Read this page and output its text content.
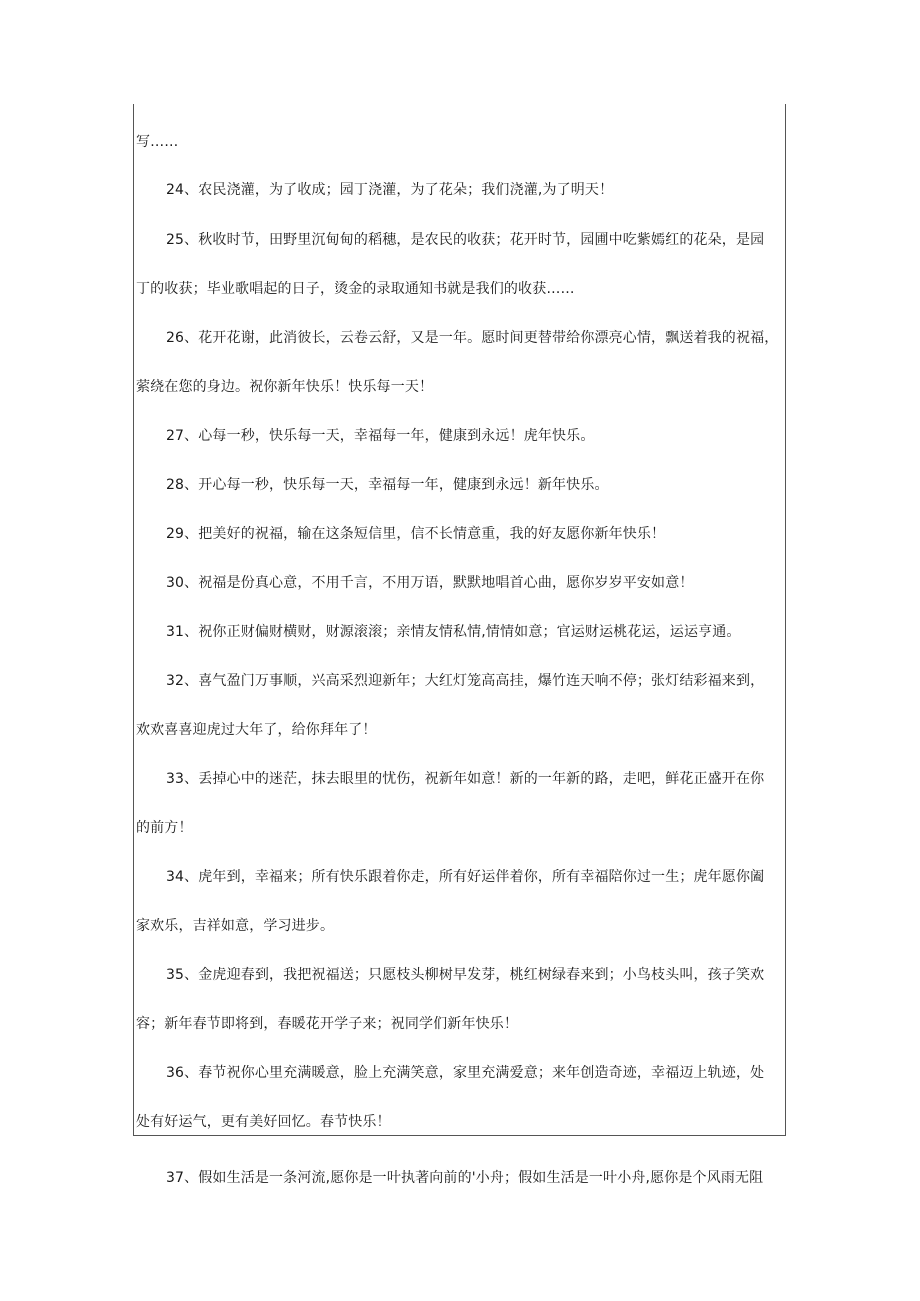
写……
24、农民浇灌，为了收成；园丁浇灌，为了花朵；我们浇灌,为了明天！
25、秋收时节，田野里沉甸甸的稻穗，是农民的收获；花开时节，园圃中吃紫嫣红的花朵，是园
丁的收获；毕业歌唱起的日子，烫金的录取通知书就是我们的收获……
26、花开花谢，此消彼长，云卷云舒，又是一年。愿时间更替带给你漂亮心情，飘送着我的祝福，
萦绕在您的身边。祝你新年快乐！快乐每一天！
27、心每一秒，快乐每一天，幸福每一年，健康到永远！虎年快乐。
28、开心每一秒，快乐每一天，幸福每一年，健康到永远！新年快乐。
29、把美好的祝福，输在这条短信里，信不长情意重，我的好友愿你新年快乐！
30、祝福是份真心意，不用千言，不用万语，默默地唱首心曲，愿你岁岁平安如意！
31、祝你正财偏财横财，财源滚滚；亲情友情私情,情情如意；官运财运桃花运，运运亨通。
32、喜气盈门万事顺，兴高采烈迎新年；大红灯笼高高挂，爆竹连天响不停；张灯结彩福来到，
欢欢喜喜迎虎过大年了，给你拜年了！
33、丢掉心中的迷茫，抹去眼里的忧伤，祝新年如意！新的一年新的路，走吧，鲜花正盛开在你
的前方！
34、虎年到，幸福来；所有快乐跟着你走，所有好运伴着你，所有幸福陪你过一生；虎年愿你阖
家欢乐，吉祥如意，学习进步。
35、金虎迎春到，我把祝福送；只愿枝头柳树早发芽，桃红树绿春来到；小鸟枝头叫，孩子笑欢
容；新年春节即将到，春暖花开学子来；祝同学们新年快乐！
36、春节祝你心里充满暖意，脸上充满笑意，家里充满爱意；来年创造奇迹，幸福迈上轨迹，处
处有好运气，更有美好回忆。春节快乐！
37、假如生活是一条河流,愿你是一叶执著向前的'小舟；假如生活是一叶小舟,愿你是个风雨无阻
